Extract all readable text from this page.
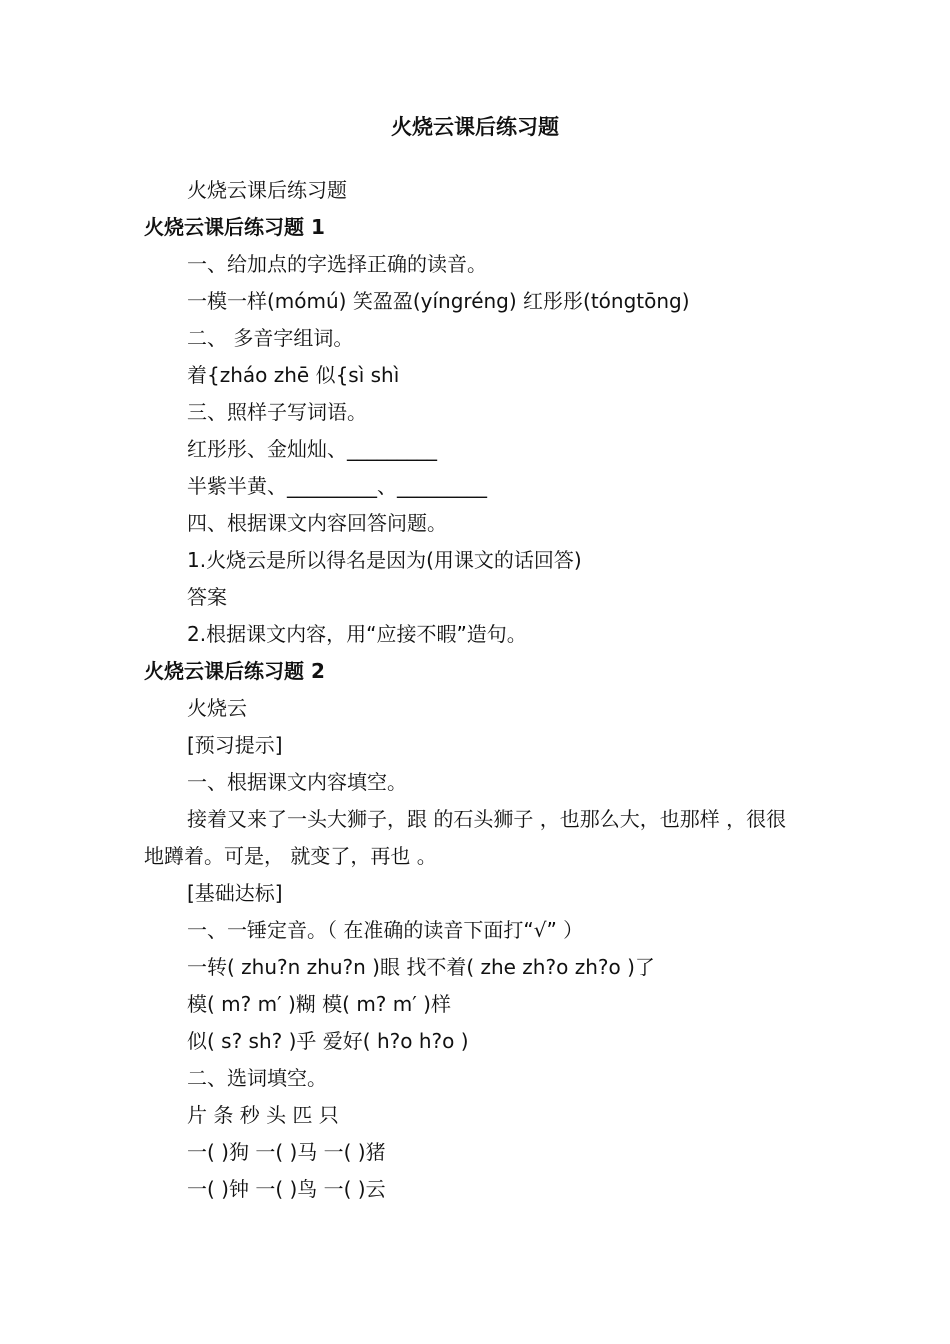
火烧云课后练习题

火烧云课后练习题

火烧云课后练习题 1

一、给加点的字选择正确的读音。

一模一样(mómú) 笑盈盈(yíngréng) 红彤彤(tóngtōng)

二、 多音字组词。

着{zháo zhē 似{sì shì

三、照样子写词语。

红彤彤、金灿灿、_________

半紫半黄、_________、_________

四、根据课文内容回答问题。

1.火烧云是所以得名是因为(用课文的话回答)

答案

2.根据课文内容，用“应接不暇”造句。

火烧云课后练习题 2

火烧云

[预习提示]

一、根据课文内容填空。

接着又来了一头大狮子，跟 的石头狮子 ，也那么大，也那样 ，很很 地蹲着。可是， 就变了，再也 。

[基础达标]

一、一锤定音。（ 在准确的读音下面打“√” ）

一转( zhu?n zhu?n )眼 找不着( zhe zh?o zh?o )了

模( m? m′ )糊 模( m? m′ )样

似( s? sh? )乎 爱好( h?o h?o )

二、选词填空。

片 条 秒 头 匹 只

一( )狗 一( )马 一( )猪

一( )钟 一( )鸟 一( )云
